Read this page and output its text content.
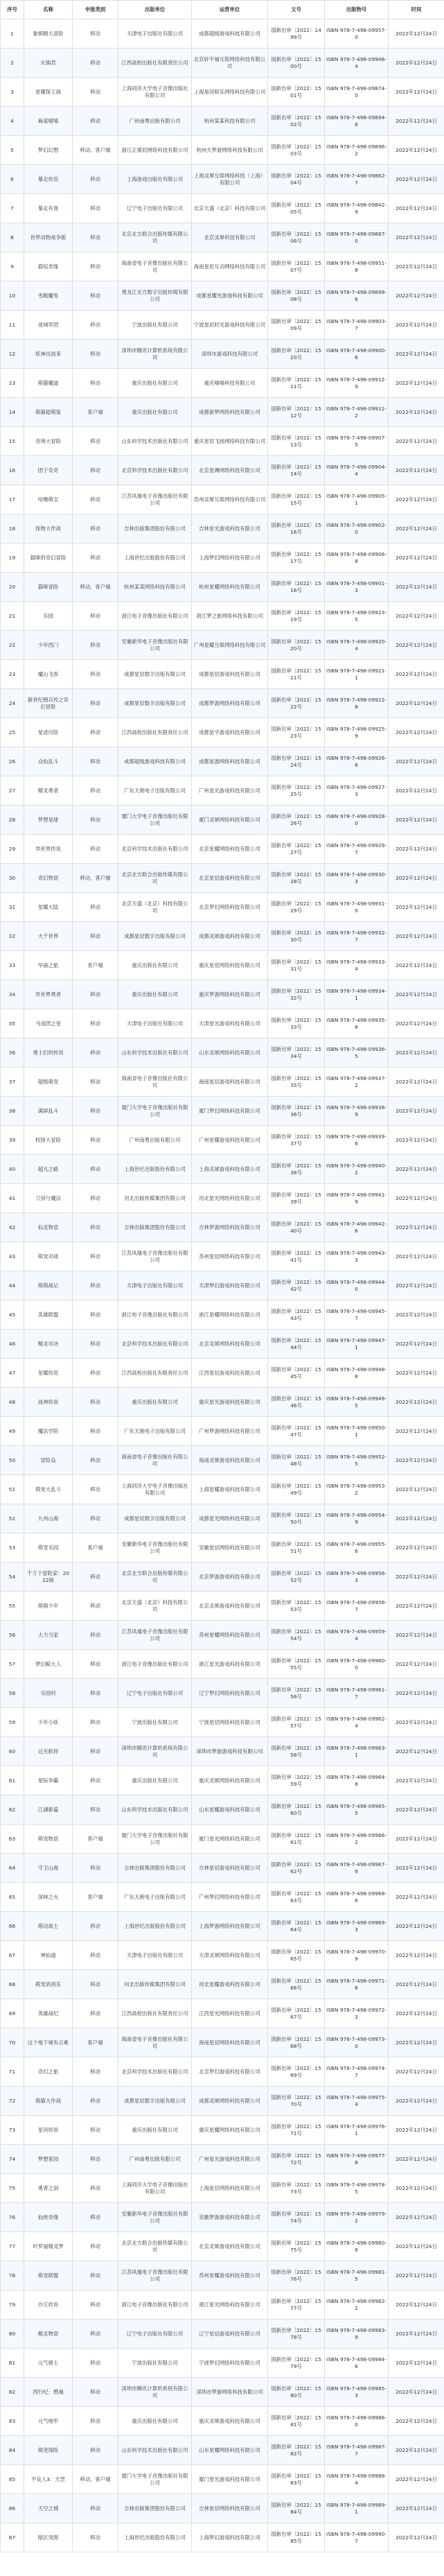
序号	名称	申报类别	出版单位	运营单位	文号	出版物号	时间
1	象棋精大冒险	移动	天津电子出版社有限公司	成都超级游戏科技有限公司	国新出审〔2022〕1499号	ISBN 978-7-498-09957-0	2022年12月24日
2	火锅君	移动	江西高校出版社有限责任公司	北京轩宇福互娱网络科技有限公司	国新出审〔2022〕1500号	ISBN 978-7-498-09946-4	2022年12月24日
3	星耀探王战	移动	上海同济大学电子音像出版社有限公司	上海星河娱乐网络科技有限公司	国新出审〔2022〕1501号	ISBN 978-7-498-09874-0	2022年12月24日
4	麻雀嘻嘻	移动	广州南粤出版有限公司	杭州某某科技有限公司	国新出审〔2022〕1502号	ISBN 978-7-498-09894-8	2022年12月24日
5	梦幻幻想	移动、客户端	浙江正睿辰网络科技有限公司	杭州天梦游网络科技有限公司	国新出审〔2022〕1503号	ISBN 978-7-498-09896-2	2022年12月24日
6	暴走传说	移动	上海游戏出版社有限公司	上海灵犀互娱网络科技（上海）有限公司	国新出审〔2022〕1504号	ISBN 978-7-498-09862-7	2022年12月24日
7	暴走有我	移动	辽宁电子出版社有限公司	北京天盛（北京）科技有限公司	国新出审〔2022〕1505号	ISBN 978-7-498-09842-9	2022年12月24日
8	世界动物战争版	移动	北京北方联合出版传媒有限公司	北京灵犀科技有限公司	国新出审〔2022〕1506号	ISBN 978-7-498-09887-0	2022年12月24日
9	猫奴奇缘	移动	海南省电子音像出版社有限公司	海南星辰互动网络科技有限公司	国新出审〔2022〕1507号	ISBN 978-7-498-09951-8	2022年12月24日
10	雪殿魔兔	移动	黑龙江北方数字出版传媒有限公司	成都星耀光游戏科技有限公司	国新出审〔2022〕1508号	ISBN 978-7-498-09898-6	2022年12月24日
11	迷城军团	移动	宁波出版社有限公司	宁波星辰时光游戏科技有限公司	国新出审〔2022〕1509号	ISBN 978-7-498-09903-7	2022年12月24日
12	妖神出雨来	移动	深圳市腾讯计算机系统有限公司	深圳市游戏科技有限公司	国新出审〔2022〕1510号	ISBN 978-7-498-09900-6	2022年12月24日
13	萌猫魔道	移动	重庆出版社有限公司	重庆喵喵科技有限公司	国新出审〔2022〕1511号	ISBN 978-7-498-09912-9	2022年12月24日
14	萌猫超萌宴	客户端	重庆出版社有限公司	成都游梦网络科技有限公司	国新出审〔2022〕1512号	ISBN 978-7-498-09911-2	2022年12月24日
15	奇境大冒险	移动	山东科学技术出版社有限公司	重庆星宸飞扬网络科技有限公司	国新出审〔2022〕1513号	ISBN 978-7-498-09907-5	2022年12月24日
16	团子奇奇	移动	北京科学技术出版社有限公司	北京星渊网络科技有限公司	国新出审〔2022〕1514号	ISBN 978-7-498-09904-4	2022年12月24日
17	咕噜萌宝	移动	江苏凤凰电子音像出版社有限公司	苏州灵犀互娱网络科技有限公司	国新出审〔2022〕1515号	ISBN 978-7-498-09905-1	2022年12月24日
18	怪物大作战	移动	吉林出版集团股份有限公司	吉林星光游戏科技有限公司	国新出审〔2022〕1516号	ISBN 978-7-498-09902-0	2022年12月24日
19	猫咪的奇幻冒险	移动	上海世纪出版股份有限公司	上海梦幻网络科技有限公司	国新出审〔2022〕1517号	ISBN 978-7-498-09906-8	2022年12月24日
20	猫咪冒险	移动、客户端	杭州某某网络科技有限公司	杭州星耀网络科技有限公司	国新出审〔2022〕1518号	ISBN 978-7-498-09901-3	2022年12月24日
21	乐园	移动	浙江电子音像出版社有限公司	浙江梦之旅网络科技有限公司	国新出审〔2022〕1519号	ISBN 978-7-498-09923-5	2022年12月24日
22	少年西门	移动	安徽新华电子音像出版社有限公司	广州星耀互娱网络科技有限公司	国新出审〔2022〕1520号	ISBN 978-7-498-09920-4	2022年12月24日
23	魔山飞客	移动	成都星辰数字出版有限公司	成都星辰游戏科技有限公司	国新出审〔2022〕1521号	ISBN 978-7-498-09921-1	2022年12月24日
24	新世纪佣兵传之奇幻冒险	移动	成都星辰数字出版有限公司	成都梦游网络科技有限公司	国新出审〔2022〕1522号	ISBN 978-7-498-09922-8	2022年12月24日
25	星迹历险	移动	江西高校出版社有限责任公司	成都星宇游戏科技有限公司	国新出审〔2022〕1523号	ISBN 978-7-498-09925-9	2022年12月24日
26	众仙乱斗	移动	成都超级游戏科技有限公司	成都星游网络科技有限公司	国新出审〔2022〕1524号	ISBN 978-7-498-09926-6	2022年12月24日
27	精灵勇者	移动	广东天朗电子出版有限公司	广州星光游戏科技有限公司	国新出审〔2022〕1525号	ISBN 978-7-498-09927-3	2022年12月24日
28	梦想星球	移动	厦门大学电子音像出版社有限公司	厦门灵犀网络科技有限公司	国新出审〔2022〕1526号	ISBN 978-7-498-09928-0	2022年12月24日
29	异世界传说	移动	北京科学技术出版社有限公司	北京星耀网络科技有限公司	国新出审〔2022〕1527号	ISBN 978-7-498-09929-7	2022年12月24日
30	奇幻物语	移动、客户端	北京北方联合出版传媒有限公司	北京星辰游戏科技有限公司	国新出审〔2022〕1528号	ISBN 978-7-498-09930-3	2022年12月24日
31	星耀大陆	移动	北京天盛（北京）科技有限公司	北京梦幻网络科技有限公司	国新出审〔2022〕1529号	ISBN 978-7-498-09931-0	2022年12月24日
32	大千世界	移动	成都星辰数字出版有限公司	成都灵犀游戏科技有限公司	国新出审〔2022〕1530号	ISBN 978-7-498-09932-7	2022年12月24日
33	华丽之旅	客户端	重庆出版社有限公司	重庆星宸网络科技有限公司	国新出审〔2022〕1531号	ISBN 978-7-498-09933-4	2022年12月24日
34	异世界勇者	移动	重庆出版社有限公司	重庆梦游网络科技有限公司	国新出审〔2022〕1532号	ISBN 978-7-498-09934-1	2022年12月24日
35	马戏团之星	移动	天津电子出版社有限公司	天津星光游戏科技有限公司	国新出审〔2022〕1533号	ISBN 978-7-498-09935-8	2022年12月24日
36	勇士们的传说	移动	山东科学技术出版社有限公司	山东灵犀网络科技有限公司	国新出审〔2022〕1534号	ISBN 978-7-498-09936-5	2022年12月24日
37	超级萌宠	移动	海南省电子音像出版社有限公司	海南星辰游戏科技有限公司	国新出审〔2022〕1535号	ISBN 978-7-498-09937-2	2022年12月24日
38	满屏乱斗	移动	厦门大学电子音像出版社有限公司	厦门梦幻网络科技有限公司	国新出审〔2022〕1536号	ISBN 978-7-498-09938-9	2022年12月24日
39	校园大冒险	移动	广州南粤出版有限公司	广州星耀游戏科技有限公司	国新出审〔2022〕1537号	ISBN 978-7-498-09939-6	2022年12月24日
40	超凡之路	移动	上海世纪出版股份有限公司	上海灵犀游戏科技有限公司	国新出审〔2022〕1538号	ISBN 978-7-498-09940-2	2022年12月24日
41	刀剑与魔法	移动	河北出版传媒集团有限公司	河北星光网络科技有限公司	国新出审〔2022〕1539号	ISBN 978-7-498-09941-9	2022年12月24日
42	仙灵物语	移动	吉林出版集团股份有限公司	吉林梦游网络科技有限公司	国新出审〔2022〕1540号	ISBN 978-7-498-09942-6	2022年12月24日
43	萌宠对战	移动	江苏凤凰电子音像出版社有限公司	苏州星辰网络科技有限公司	国新出审〔2022〕1541号	ISBN 978-7-498-09943-3	2022年12月24日
44	萌萌战记	移动	天津电子出版社有限公司	天津梦幻游戏科技有限公司	国新出审〔2022〕1542号	ISBN 978-7-498-09944-0	2022年12月24日
45	英雄联盟	移动	浙江电子音像出版社有限公司	浙江星耀网络科技有限公司	国新出审〔2022〕1543号	ISBN 978-7-498-09945-7	2022年12月24日
46	精灵对决	移动	北京科学技术出版社有限公司	北京灵犀网络科技有限公司	国新出审〔2022〕1544号	ISBN 978-7-498-09947-1	2022年12月24日
47	星耀传说	移动	江西高校出版社有限责任公司	江西星辰游戏科技有限公司	国新出审〔2022〕1545号	ISBN 978-7-498-09948-8	2022年12月24日
48	战神传说	移动	重庆出版社有限公司	重庆星光游戏科技有限公司	国新出审〔2022〕1546号	ISBN 978-7-498-09949-5	2022年12月24日
49	魔法学院	移动	广东天朗电子出版有限公司	广州梦游网络科技有限公司	国新出审〔2022〕1547号	ISBN 978-7-498-09950-1	2022年12月24日
50	冒险岛	移动	海南省电子音像出版社有限公司	海南灵犀游戏科技有限公司	国新出审〔2022〕1548号	ISBN 978-7-498-09952-5	2022年12月24日
51	萌宠大乱斗	移动	上海同济大学电子音像出版社有限公司	上海星耀游戏科技有限公司	国新出审〔2022〕1549号	ISBN 978-7-498-09953-2	2022年12月24日
52	九州山海	移动	成都星辰数字出版有限公司	成都星光网络科技有限公司	国新出审〔2022〕1550号	ISBN 978-7-498-09954-9	2022年12月24日
53	萌宠乐园	客户端	安徽新华电子音像出版社有限公司	安徽星辰网络科技有限公司	国新出审〔2022〕1551号	ISBN 978-7-498-09955-6	2022年12月24日
54	千万个冒险家：2022版	移动	北京北方联合出版传媒有限公司	北京梦游游戏科技有限公司	国新出审〔2022〕1552号	ISBN 978-7-498-09956-3	2022年12月24日
55	萌萌少年	移动	北京天盛（北京）科技有限公司	北京灵犀游戏科技有限公司	国新出审〔2022〕1553号	ISBN 978-7-498-09958-7	2022年12月24日
56	大力当家	移动	江苏凤凰电子音像出版社有限公司	苏州星耀网络科技有限公司	国新出审〔2022〕1554号	ISBN 978-7-498-09959-4	2022年12月24日
57	梦幻鲸大人	移动	浙江电子音像出版社有限公司	浙江星光游戏科技有限公司	国新出审〔2022〕1555号	ISBN 978-7-498-09960-0	2022年12月24日
58	乐园村	移动	辽宁电子出版社有限公司	辽宁梦幻网络科技有限公司	国新出审〔2022〕1556号	ISBN 978-7-498-09961-7	2022年12月24日
59	少年小妖	移动	宁波出版社有限公司	宁波星辰网络科技有限公司	国新出审〔2022〕1557号	ISBN 978-7-498-09962-4	2022年12月24日
60	过关斩将	移动	深圳市腾讯计算机系统有限公司	深圳市梦游游戏科技有限公司	国新出审〔2022〕1558号	ISBN 978-7-498-09963-1	2022年12月24日
61	星际争霸	移动	重庆出版社有限公司	重庆灵犀网络科技有限公司	国新出审〔2022〕1559号	ISBN 978-7-498-09964-8	2022年12月24日
62	江湖新篇	移动	山东科学技术出版社有限公司	山东星耀游戏科技有限公司	国新出审〔2022〕1560号	ISBN 978-7-498-09965-5	2022年12月24日
63	萌宠物语	客户端	厦门大学电子音像出版社有限公司	厦门星光网络科技有限公司	国新出审〔2022〕1561号	ISBN 978-7-498-09966-2	2022年12月24日
64	守卫山海	移动	吉林出版集团股份有限公司	吉林星辰游戏科技有限公司	国新出审〔2022〕1562号	ISBN 978-7-498-09967-9	2022年12月24日
65	深林之火	客户端	广东天朗电子出版有限公司	广州梦幻网络科技有限公司	国新出审〔2022〕1563号	ISBN 978-7-498-09968-6	2022年12月24日
66	萌动战士	移动	上海世纪出版股份有限公司	上海梦游网络科技有限公司	国新出审〔2022〕1564号	ISBN 978-7-498-09969-3	2022年12月24日
67	神仙道	移动	天津电子出版社有限公司	天津灵犀网络科技有限公司	国新出审〔2022〕1565号	ISBN 978-7-498-09970-9	2022年12月24日
68	萌宠消消乐	移动	河北出版传媒集团有限公司	河北星耀游戏科技有限公司	国新出审〔2022〕1566号	ISBN 978-7-498-09971-6	2022年12月24日
69	英雄战纪	移动	江西高校出版社有限责任公司	江西星光网络科技有限公司	国新出审〔2022〕1567号	ISBN 978-7-498-09972-3	2022年12月24日
70	这个地下城有点难	客户端	海南省电子音像出版社有限公司	海南星辰网络科技有限公司	国新出审〔2022〕1568号	ISBN 978-7-498-09973-0	2022年12月24日
71	奇幻之旅	移动	北京科学技术出版社有限公司	北京梦幻游戏科技有限公司	国新出审〔2022〕1569号	ISBN 978-7-498-09974-7	2022年12月24日
72	萌猫大作战	移动	成都星辰数字出版有限公司	成都灵犀网络科技有限公司	国新出审〔2022〕1570号	ISBN 978-7-498-09975-4	2022年12月24日
73	星河传说	移动	重庆出版社有限公司	重庆星耀网络科技有限公司	国新出审〔2022〕1571号	ISBN 978-7-498-09976-1	2022年12月24日
74	梦想家园	移动	广州南粤出版有限公司	广州星光游戏科技有限公司	国新出审〔2022〕1572号	ISBN 978-7-498-09977-8	2022年12月24日
75	勇者之剑	移动	上海同济大学电子音像出版社有限公司	上海星辰网络科技有限公司	国新出审〔2022〕1573号	ISBN 978-7-498-09978-5	2022年12月24日
76	仙侠奇缘	移动	安徽新华电子音像出版社有限公司	安徽梦游游戏科技有限公司	国新出审〔2022〕1574号	ISBN 978-7-498-09979-2	2022年12月24日
77	叶罗丽精灵梦	移动	北京北方联合出版传媒有限公司	北京灵犀游戏科技有限公司	国新出审〔2022〕1575号	ISBN 978-7-498-09980-8	2022年12月24日
78	萌宠联盟	移动	江苏凤凰电子音像出版社有限公司	苏州星耀游戏科技有限公司	国新出审〔2022〕1576号	ISBN 978-7-498-09981-5	2022年12月24日
79	沙丘传说	移动	浙江电子音像出版社有限公司	浙江星光网络科技有限公司	国新出审〔2022〕1577号	ISBN 978-7-498-09982-2	2022年12月24日
80	精灵物语	移动	辽宁电子出版社有限公司	辽宁星辰游戏科技有限公司	国新出审〔2022〕1578号	ISBN 978-7-498-09983-9	2022年12月24日
81	元气骑士	移动	宁波出版社有限公司	宁波梦幻网络科技有限公司	国新出审〔2022〕1579号	ISBN 978-7-498-09984-6	2022年12月24日
82	西行纪：燃魂	移动	深圳市腾讯计算机系统有限公司	深圳市梦游网络科技有限公司	国新出审〔2022〕1580号	ISBN 978-7-498-09985-3	2022年12月24日
83	元气地牢	移动	重庆出版社有限公司	重庆灵犀游戏科技有限公司	国新出审〔2022〕1581号	ISBN 978-7-498-09986-0	2022年12月24日
84	萌宠探险	移动	山东科学技术出版社有限公司	山东星耀网络科技有限公司	国新出审〔2022〕1582号	ISBN 978-7-498-09987-7	2022年12月24日
85	不良人3：天罡	移动、客户端	厦门大学电子音像出版社有限公司	厦门星光游戏科技有限公司	国新出审〔2022〕1583号	ISBN 978-7-498-09988-4	2022年12月24日
86	天空之城	移动	吉林出版集团股份有限公司	吉林星辰网络科技有限公司	国新出审〔2022〕1584号	ISBN 978-7-498-09989-1	2022年12月24日
87	暗区突围	移动	上海世纪出版股份有限公司	上海梦幻游戏科技有限公司	国新出审〔2022〕1585号	ISBN 978-7-498-09990-7	2022年12月24日
